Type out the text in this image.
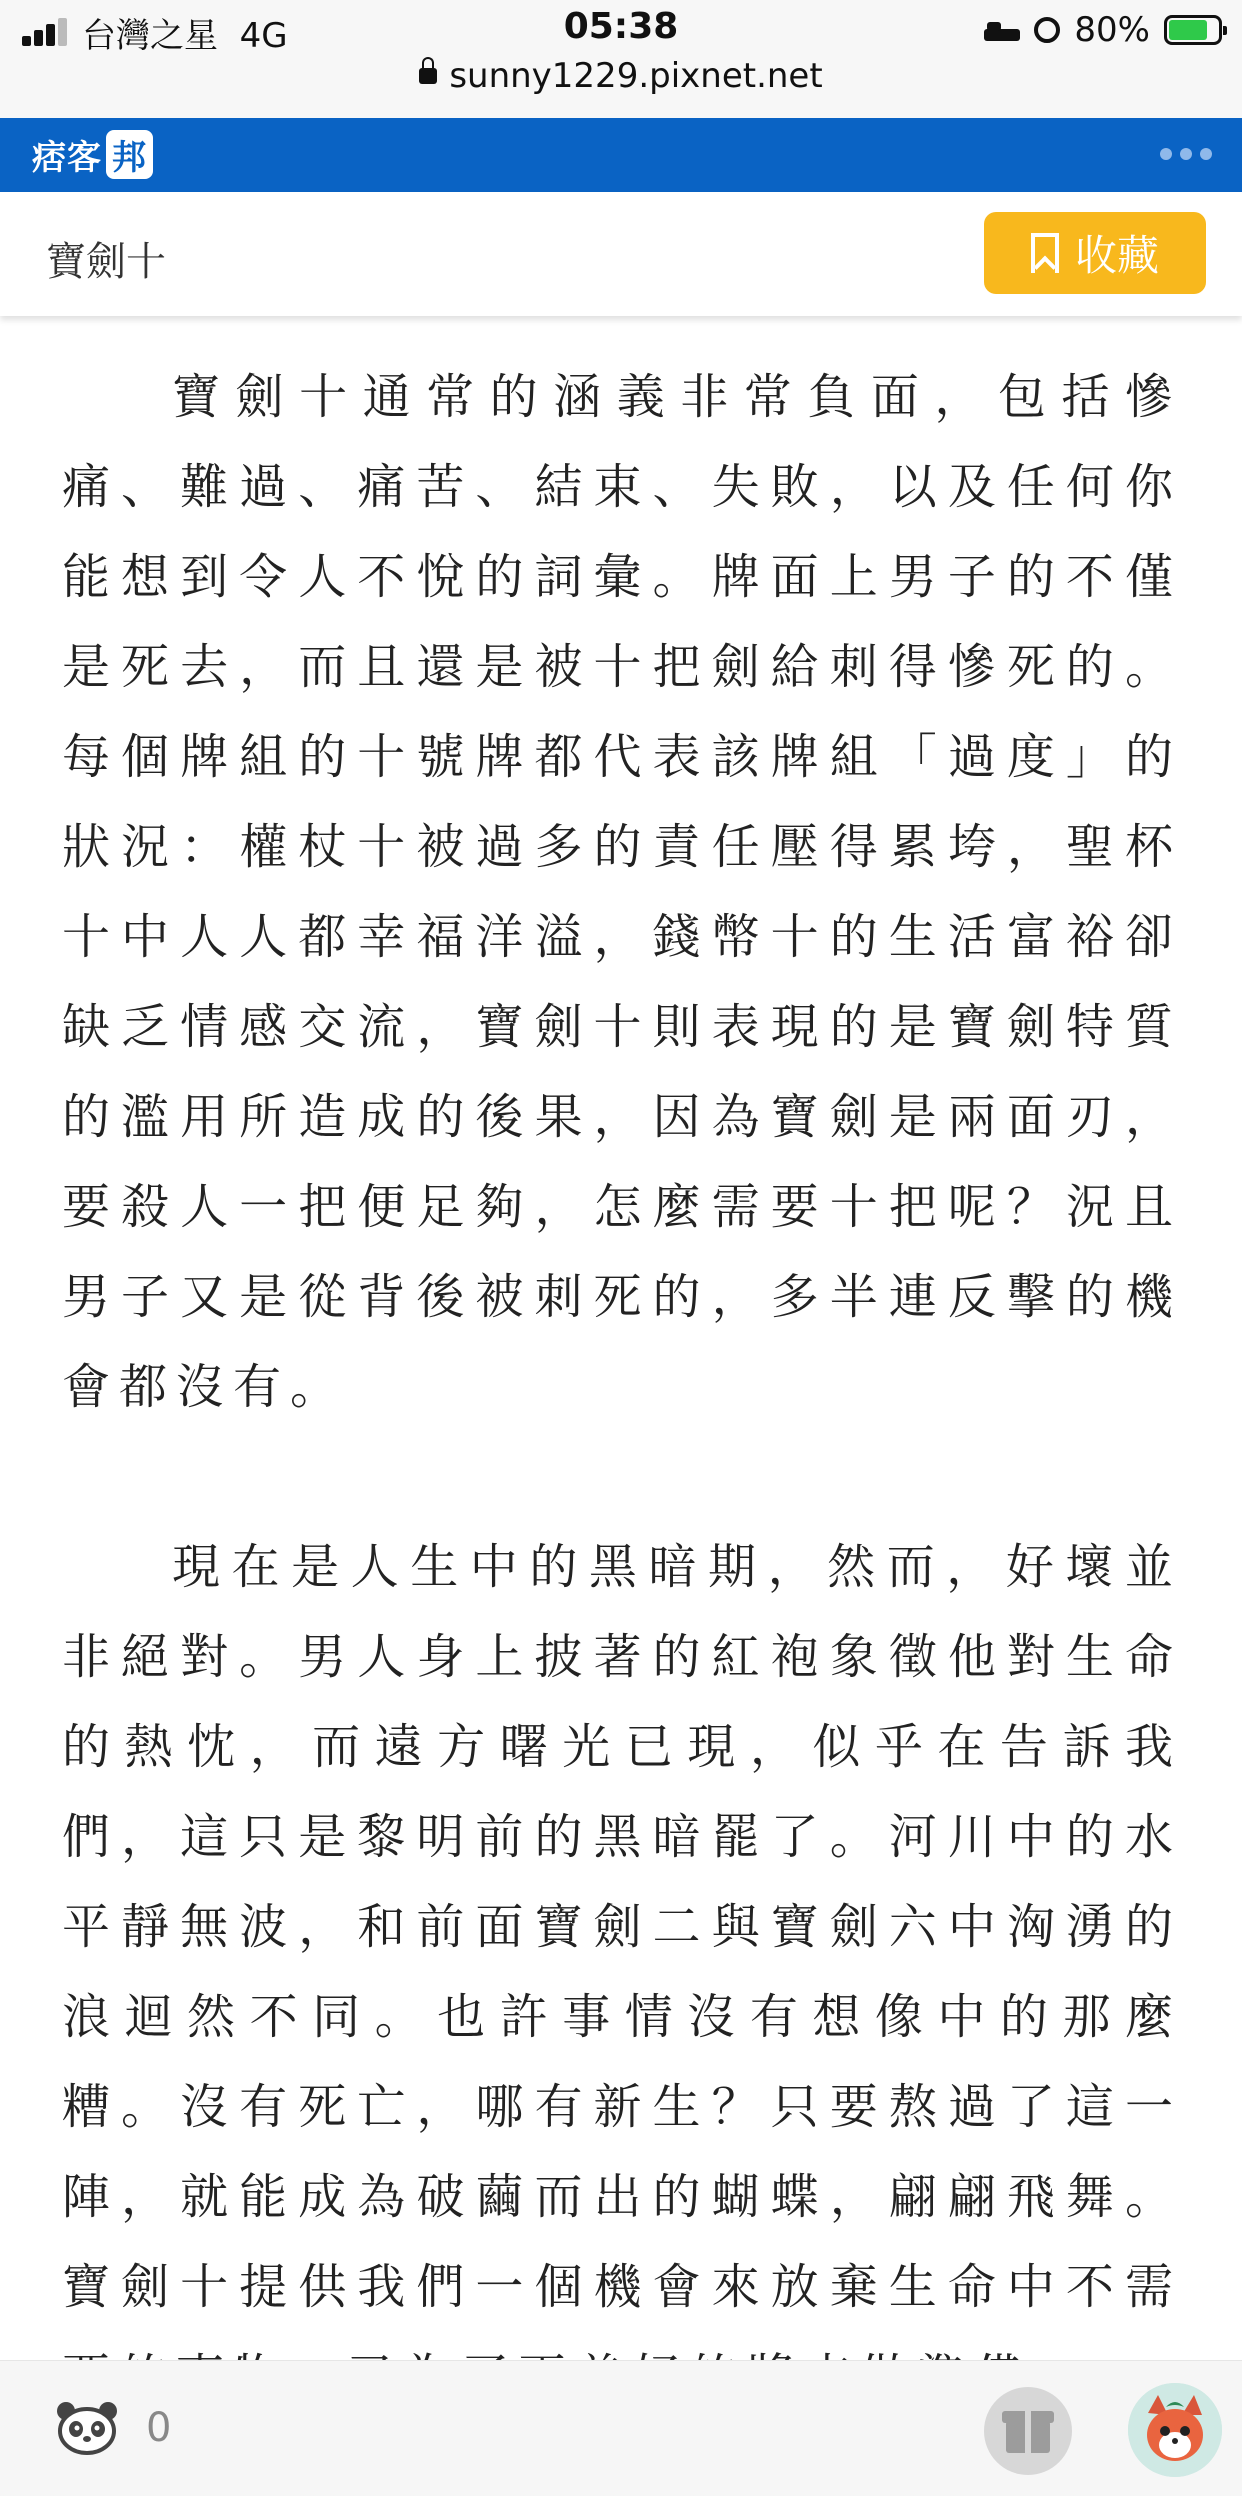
台灣之星 4G	05:38
sunny1229.pixnet.net
80%
痞客 邦
寶劍十	收藏

寶劍十通常的涵義非常負面，包括慘痛、難過、痛苦、結束、失敗，以及任何你能想到令人不悅的詞彙。牌面上男子的不僅是死去，而且還是被十把劍給刺得慘死的。每個牌組的十號牌都代表該牌組「過度」的狀況：權杖十被過多的責任壓得累垮，聖杯十中人人都幸福洋溢，錢幣十的生活富裕卻缺乏情感交流，寶劍十則表現的是寶劍特質的濫用所造成的後果，因為寶劍是兩面刃，要殺人一把便足夠，怎麼需要十把呢？況且男子又是從背後被刺死的，多半連反擊的機會都沒有。

現在是人生中的黑暗期，然而，好壞並非絕對。男人身上披著的紅袍象徵他對生命的熱忱，而遠方曙光已現，似乎在告訴我們，這只是黎明前的黑暗罷了。河川中的水平靜無波，和前面寶劍二與寶劍六中洶湧的浪迴然不同。也許事情沒有想像中的那麼糟。沒有死亡，哪有新生？只要熬過了這一陣，就能成為破繭而出的蝴蝶，翩翩飛舞。寶劍十提供我們一個機會來放棄生命中不需

0
